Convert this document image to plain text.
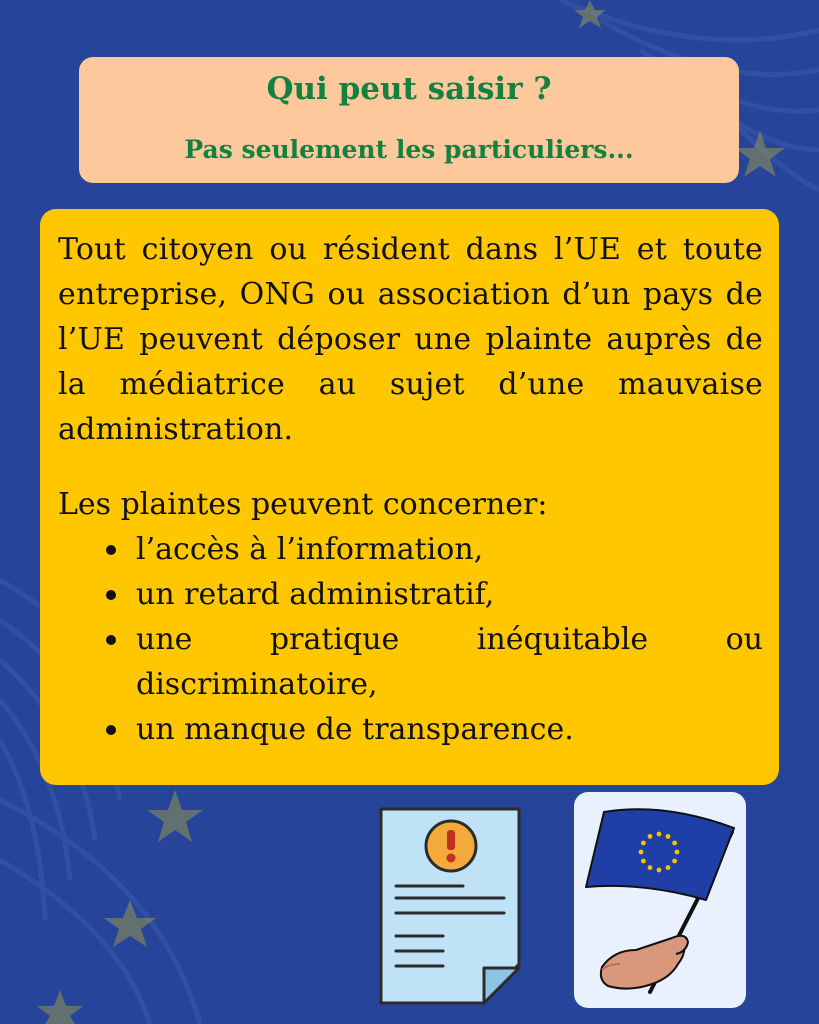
Qui peut saisir ?
Pas seulement les particuliers...

Tout citoyen ou résident dans l’UE et toute entreprise, ONG ou association d’un pays de l’UE peuvent déposer une plainte auprès de la médiatrice au sujet d’une mauvaise administration.

Les plaintes peuvent concerner:

l’accès à l’information,
un retard administratif,
une pratique inéquitable ou
discriminatoire,
un manque de transparence.
